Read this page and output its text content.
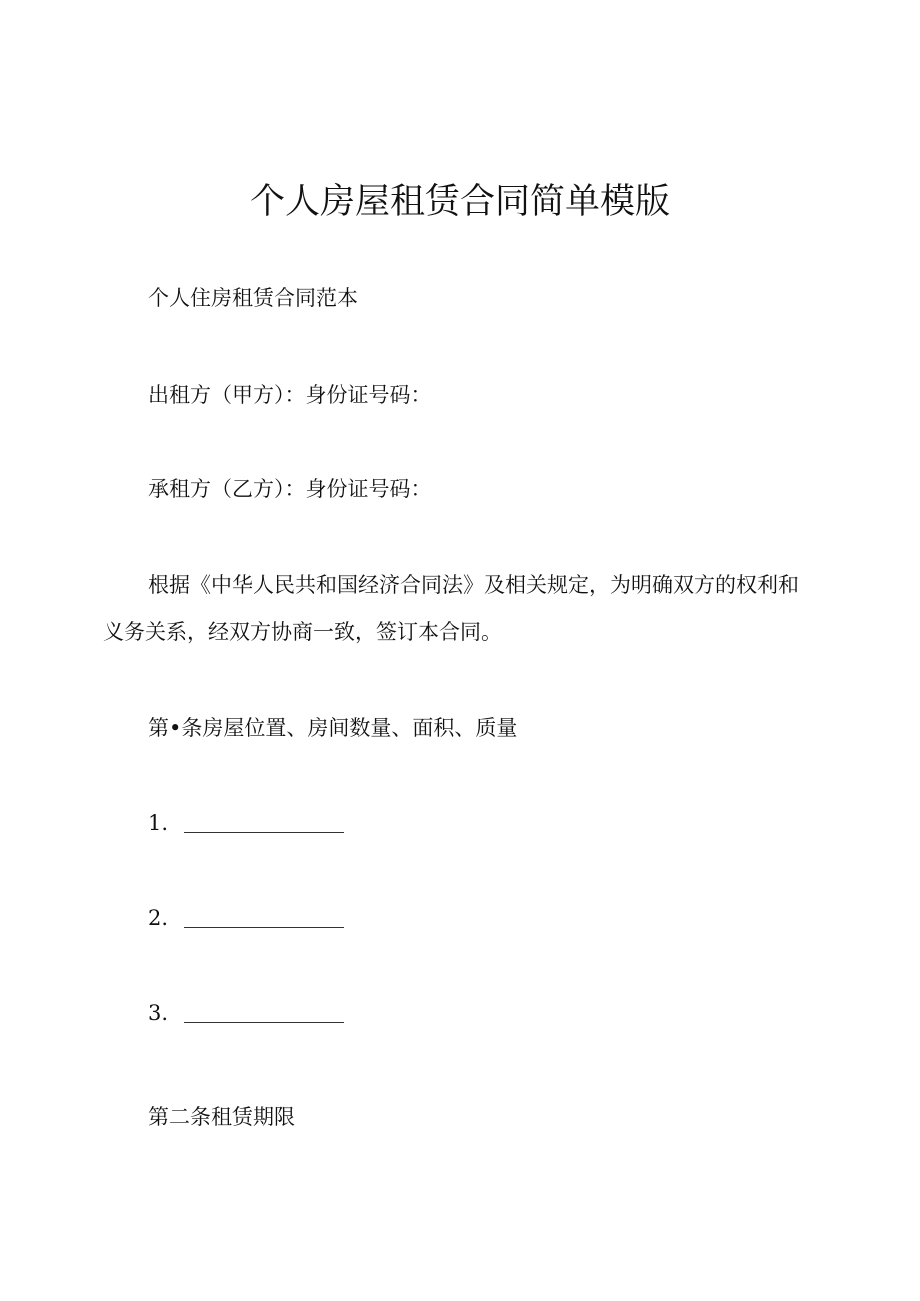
个人房屋租赁合同简单模版
个人住房租赁合同范本
出租方（甲方）：身份证号码：
承租方（乙方）：身份证号码：
根据《中华人民共和国经济合同法》及相关规定，为明确双方的权利和义务关系，经双方协商一致，签订本合同。
第•条房屋位置、房间数量、面积、质量
1.
2.
3.
第二条租赁期限
